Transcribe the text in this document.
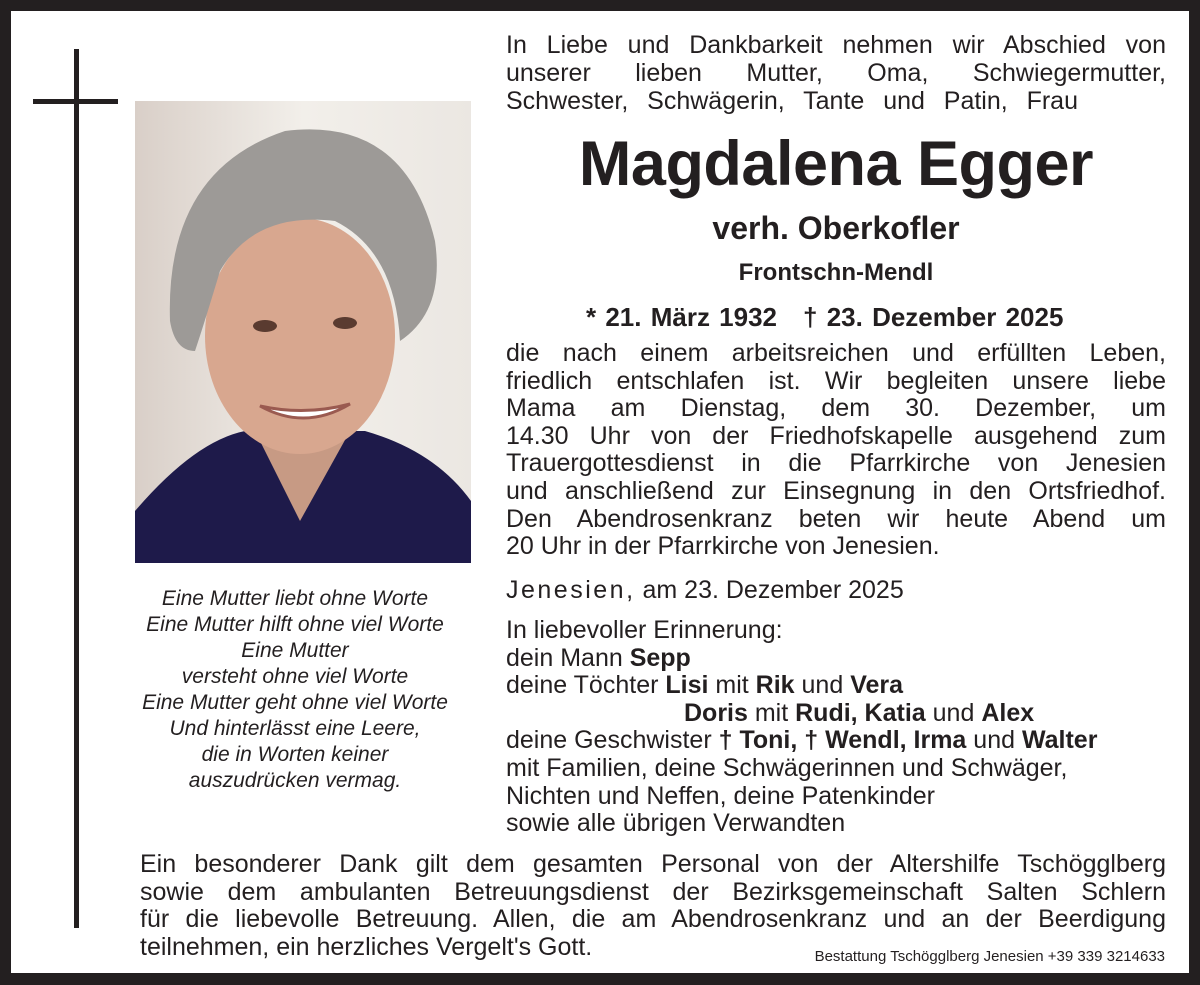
Eine Mutter liebt ohne Worte
Eine Mutter hilft ohne viel Worte
Eine Mutter
versteht ohne viel Worte
Eine Mutter geht ohne viel Worte
Und hinterlässt eine Leere,
die in Worten keiner
auszudrücken vermag.
In Liebe und Dankbarkeit nehmen wir Abschied von
unserer lieben Mutter, Oma, Schwiegermutter,
Schwester, Schwägerin, Tante und Patin, Frau
Magdalena Egger
verh. Oberkofler
Frontschn-Mendl
* 21. März 1932 † 23. Dezember 2025
die nach einem arbeitsreichen und erfüllten Leben,
friedlich entschlafen ist. Wir begleiten unsere liebe
Mama am Dienstag, dem 30. Dezember, um
14.30 Uhr von der Friedhofskapelle ausgehend zum
Trauergottesdienst in die Pfarrkirche von Jenesien
und anschließend zur Einsegnung in den Ortsfriedhof.
Den Abendrosenkranz beten wir heute Abend um
20 Uhr in der Pfarrkirche von Jenesien.
Jenesien, am 23. Dezember 2025
In liebevoller Erinnerung:
dein Mann Sepp
deine Töchter Lisi mit Rik und Vera
Doris mit Rudi, Katia und Alex
deine Geschwister † Toni, † Wendl, Irma und Walter
mit Familien, deine Schwägerinnen und Schwäger,
Nichten und Neffen, deine Patenkinder
sowie alle übrigen Verwandten
Ein besonderer Dank gilt dem gesamten Personal von der Altershilfe Tschögglberg
sowie dem ambulanten Betreuungsdienst der Bezirksgemeinschaft Salten Schlern
für die liebevolle Betreuung. Allen, die am Abendrosenkranz und an der Beerdigung
teilnehmen, ein herzliches Vergelt's Gott.	Bestattung Tschögglberg Jenesien +39 339 3214633
